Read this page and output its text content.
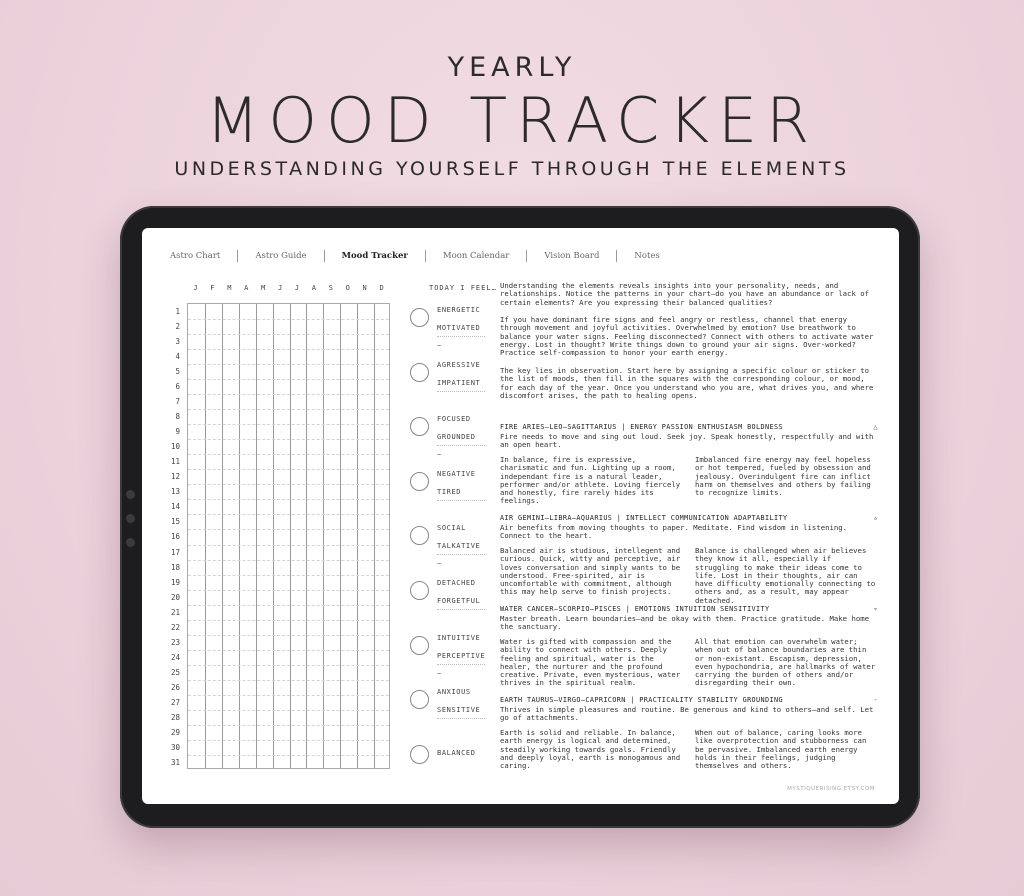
YEARLY
MOOD TRACKER
UNDERSTANDING YOURSELF THROUGH THE ELEMENTS
Astro Chart	Astro Guide	Mood Tracker	Moon Calendar	Vision Board	Notes
J	F	M	A	M	J	J	A	S	O	N	D
1
2
3
4
5
6
7
8
9
10
11
12
13
14
15
16
17
18
19
20
21
22
23
24
25
26
27
28
29
30
31
TODAY I FEEL…
ENERGETIC
MOTIVATED
—
AGRESSIVE
IMPATIENT
FOCUSED
GROUNDED
—
NEGATIVE
TIRED
SOCIAL
TALKATIVE
—
DETACHED
FORGETFUL
INTUITIVE
PERCEPTIVE
—
ANXIOUS
SENSITIVE
BALANCED

Understanding the elements reveals insights into your personality, needs, and relationships. Notice the patterns in your chart—do you have an abundance or lack of certain elements? Are you expressing their balanced qualities?

If you have dominant fire signs and feel angry or restless, channel that energy through movement and joyful activities. Overwhelmed by emotion? Use breathwork to balance your water signs. Feeling disconnected? Connect with others to activate water energy. Lost in thought? Write things down to ground your air signs. Over-worked? Practice self-compassion to honor your earth energy.

The key lies in observation. Start here by assigning a specific colour or sticker to the list of moods, then fill in the squares with the corresponding colour, or mood, for each day of the year. Once you understand who you are, what drives you, and where discomfort arises, the path to healing opens.

FIRE ARIES—LEO—SAGITTARIUS | ENERGY PASSION ENTHUSIASM BOLDNESS	△

Fire needs to move and sing out loud. Seek joy. Speak honestly, respectfully and with an open heart.

In balance, fire is expressive, charismatic and fun. Lighting up a room, independant fire is a natural leader, performer and/or athlete. Loving fiercely and honestly, fire rarely hides its feelings.

Imbalanced fire energy may feel hopeless or hot tempered, fueled by obsession and jealousy. Overindulgent fire can inflict harm on themselves and others by failing to recognize limits.

AIR GEMINI—LIBRA—AQUARIUS | INTELLECT COMMUNICATION ADAPTABILITY	▵

Air benefits from moving thoughts to paper. Meditate. Find wisdom in listening. Connect to the heart.

Balanced air is studious, intellegent and curious. Quick, witty and perceptive, air loves conversation and simply wants to be understood. Free-spirited, air is uncomfortable with commitment, although this may help serve to finish projects.

Balance is challenged when air believes they know it all, especially if struggling to make their ideas come to life. Lost in their thoughts, air can have difficulty emotionally connecting to others and, as a result, may appear detached.

WATER CANCER—SCORPIO—PISCES | EMOTIONS INTUITION SENSITIVITY	▿

Master breath. Learn boundaries—and be okay with them. Practice gratitude. Make home the sanctuary.

Water is gifted with compassion and the ability to connect with others. Deeply feeling and spiritual, water is the healer, the nurturer and the profound creative. Private, even mysterious, water thrives in the spiritual realm.

All that emotion can overwhelm water; when out of balance boundaries are thin or non-existant. Escapism, depression, even hypochondria, are hallmarks of water carrying the burden of others and/or disregarding their own.

EARTH TAURUS—VIRGO—CAPRICORN | PRACTICALITY STABILITY GROUNDING	-

Thrives in simple pleasures and routine. Be generous and kind to others—and self. Let go of attachments.

Earth is solid and reliable. In balance, earth energy is logical and determined, steadily working towards goals. Friendly and deeply loyal, earth is monogamous and caring.

When out of balance, caring looks more like overprotection and stubborness can be pervasive. Imbalanced earth energy holds in their feelings, judging themselves and others.

MYSTIQUERISING.ETSY.COM
